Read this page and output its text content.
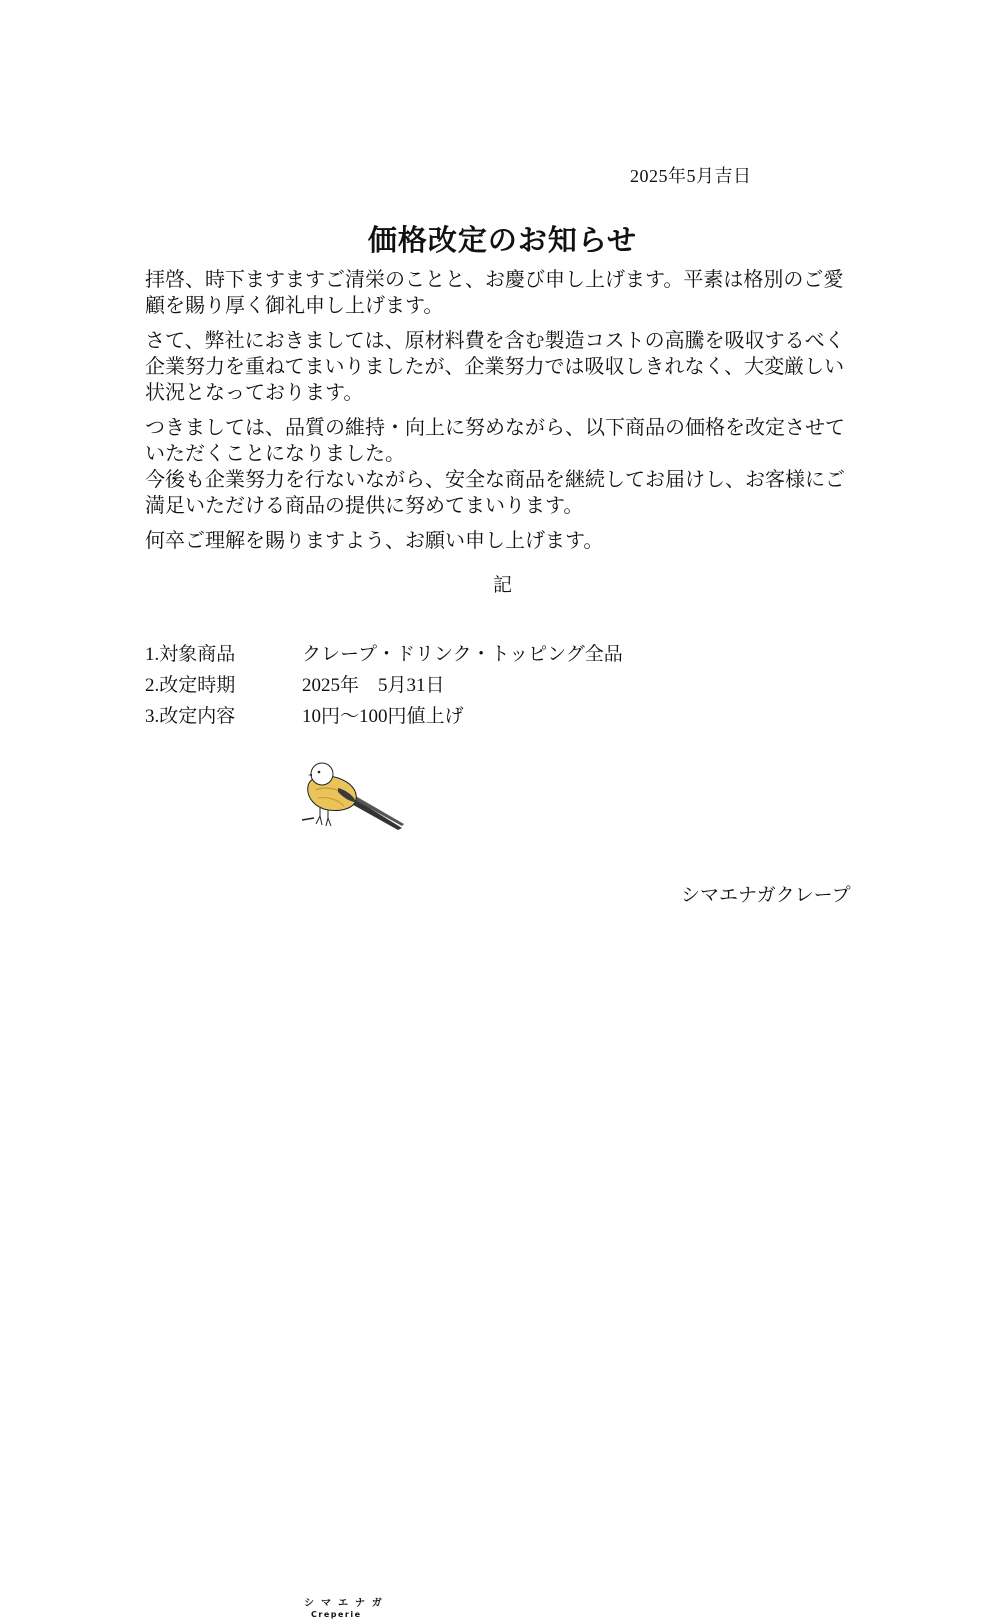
2025年5月吉日
価格改定のお知らせ

拝啓、時下ますますご清栄のことと、お慶び申し上げます。平素は格別のご愛
顧を賜り厚く御礼申し上げます。

さて、弊社におきましては、原材料費を含む製造コストの高騰を吸収するべく
企業努力を重ねてまいりましたが、企業努力では吸収しきれなく、大変厳しい
状況となっております。

つきましては、品質の維持・向上に努めながら、以下商品の価格を改定させて
いただくことになりました。

今後も企業努力を行ないながら、安全な商品を継続してお届けし、お客様にご
満足いただける商品の提供に努めてまいります。

何卒ご理解を賜りますよう、お願い申し上げます。

記
1.対象商品	クレープ・ドリンク・トッピング全品
2.改定時期	2025年　5月31日
3.改定内容	10円〜100円値上げ
シマエナガ
Creperie
シマエナガクレープ
